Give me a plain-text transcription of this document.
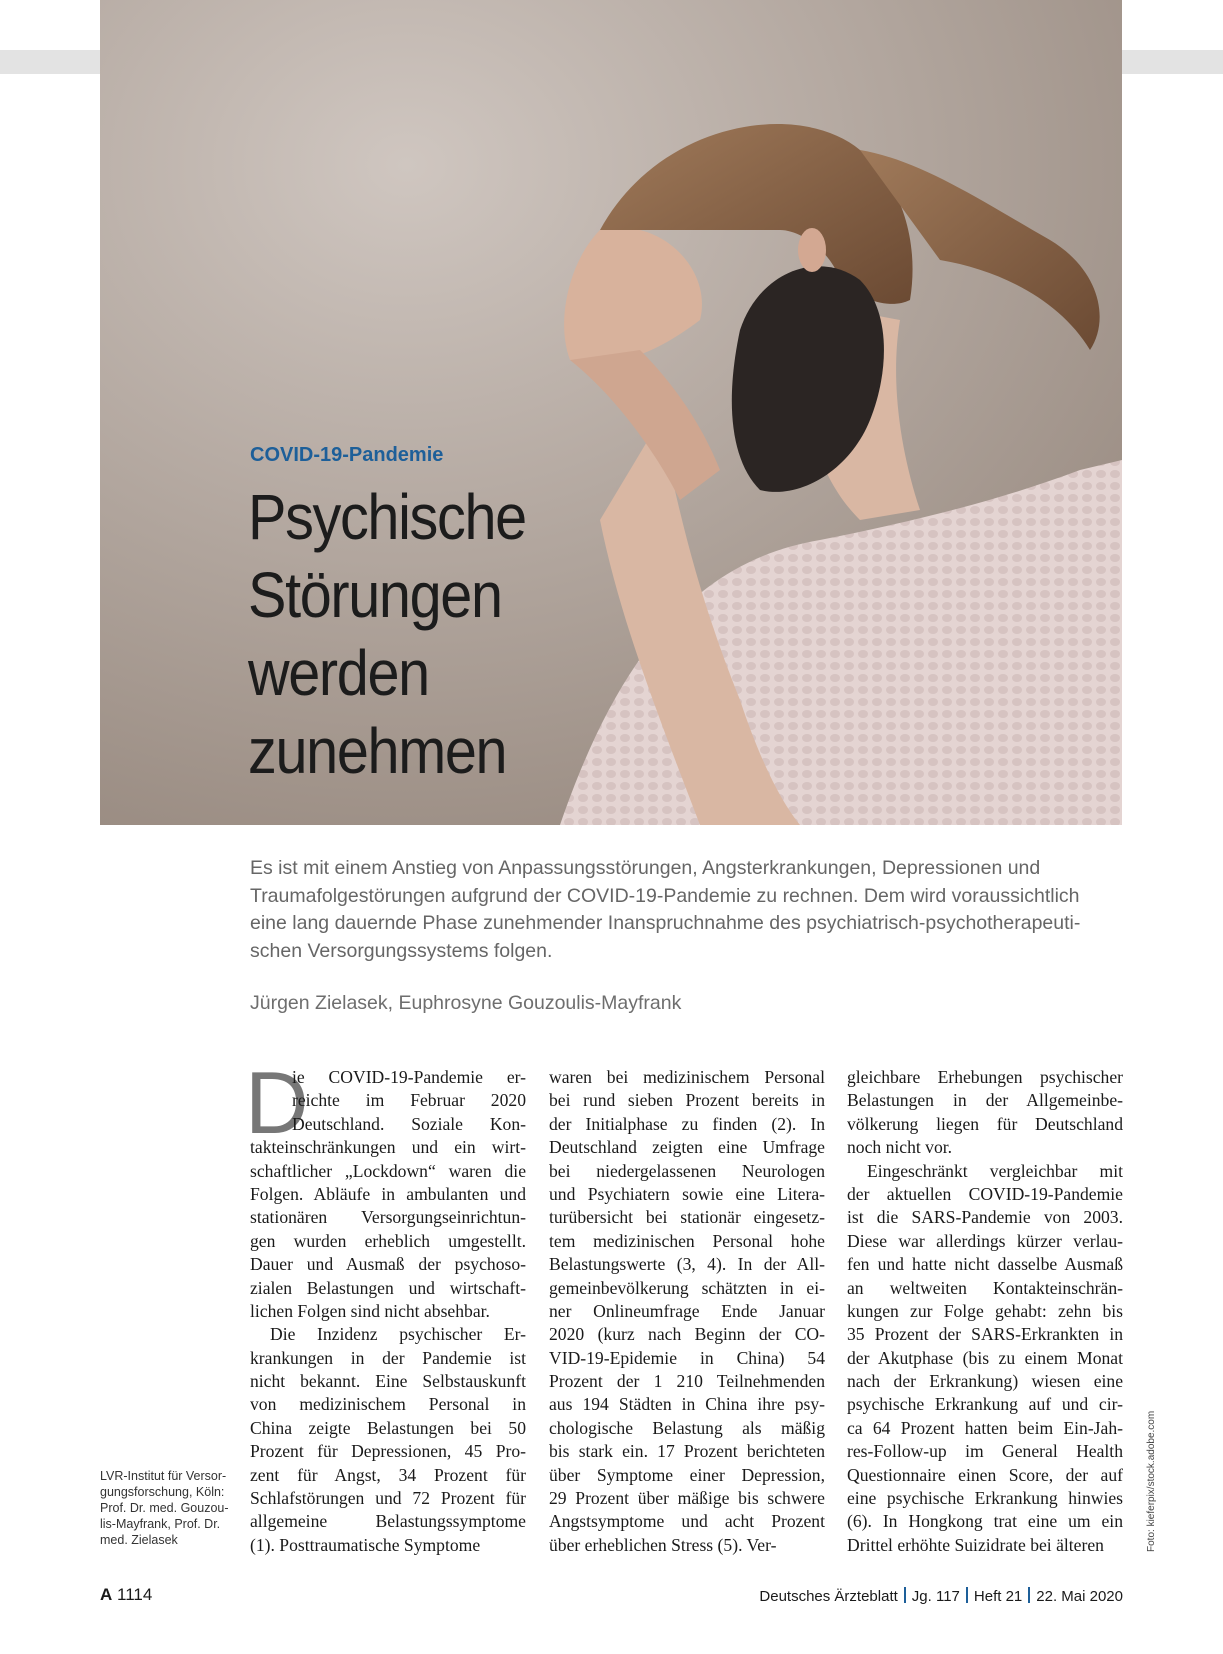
COVID-19-Pandemie
Psychische
Störungen
werden
zunehmen
Es ist mit einem Anstieg von Anpassungsstörungen, Angsterkrankungen, Depressionen und
Traumafolgestörungen aufgrund der COVID-19-Pandemie zu rechnen. Dem wird voraussichtlich
eine lang dauernde Phase zunehmender Inanspruchnahme des psychiatrisch-psychotherapeuti-
schen Versorgungssystems folgen.
Jürgen Zielasek, Euphrosyne Gouzoulis-Mayfrank
LVR-Institut für Versor-
gungsforschung, Köln:
Prof. Dr. med. Gouzou-
lis-Mayfrank, Prof. Dr.
med. Zielasek
D
ie COVID-19-Pandemie er-
reichte im Februar 2020
Deutschland. Soziale Kon-
takteinschränkungen und ein wirt-
schaftlicher „Lockdown“ waren die
Folgen. Abläufe in ambulanten und
stationären Versorgungseinrichtun-
gen wurden erheblich umgestellt.
Dauer und Ausmaß der psychoso-
zialen Belastungen und wirtschaft-
lichen Folgen sind nicht absehbar.
Die Inzidenz psychischer Er-
krankungen in der Pandemie ist
nicht bekannt. Eine Selbstauskunft
von medizinischem Personal in
China zeigte Belastungen bei 50
Prozent für Depressionen, 45 Pro-
zent für Angst, 34 Prozent für
Schlafstörungen und 72 Prozent für
allgemeine Belastungssymptome
(1). Posttraumatische Symptome
waren bei medizinischem Personal
bei rund sieben Prozent bereits in
der Initialphase zu finden (2). In
Deutschland zeigten eine Umfrage
bei niedergelassenen Neurologen
und Psychiatern sowie eine Litera-
turübersicht bei stationär eingesetz-
tem medizinischen Personal hohe
Belastungswerte (3, 4). In der All-
gemeinbevölkerung schätzten in ei-
ner Onlineumfrage Ende Januar
2020 (kurz nach Beginn der CO-
VID-19-Epidemie in China) 54
Prozent der 1 210 Teilnehmenden
aus 194 Städten in China ihre psy-
chologische Belastung als mäßig
bis stark ein. 17 Prozent berichteten
über Symptome einer Depression,
29 Prozent über mäßige bis schwere
Angstsymptome und acht Prozent
über erheblichen Stress (5). Ver-
gleichbare Erhebungen psychischer
Belastungen in der Allgemeinbe-
völkerung liegen für Deutschland
noch nicht vor.
Eingeschränkt vergleichbar mit
der aktuellen COVID-19-Pandemie
ist die SARS-Pandemie von 2003.
Diese war allerdings kürzer verlau-
fen und hatte nicht dasselbe Ausmaß
an weltweiten Kontakteinschrän-
kungen zur Folge gehabt: zehn bis
35 Prozent der SARS-Erkrankten in
der Akutphase (bis zu einem Monat
nach der Erkrankung) wiesen eine
psychische Erkrankung auf und cir-
ca 64 Prozent hatten beim Ein-Jah-
res-Follow-up im General Health
Questionnaire einen Score, der auf
eine psychische Erkrankung hinwies
(6). In Hongkong trat eine um ein
Drittel erhöhte Suizidrate bei älteren	Foto: kieferpix/stock.adobe.com
A 1114	Deutsches Ärzteblatt Jg. 117 Heft 21 22. Mai 2020
